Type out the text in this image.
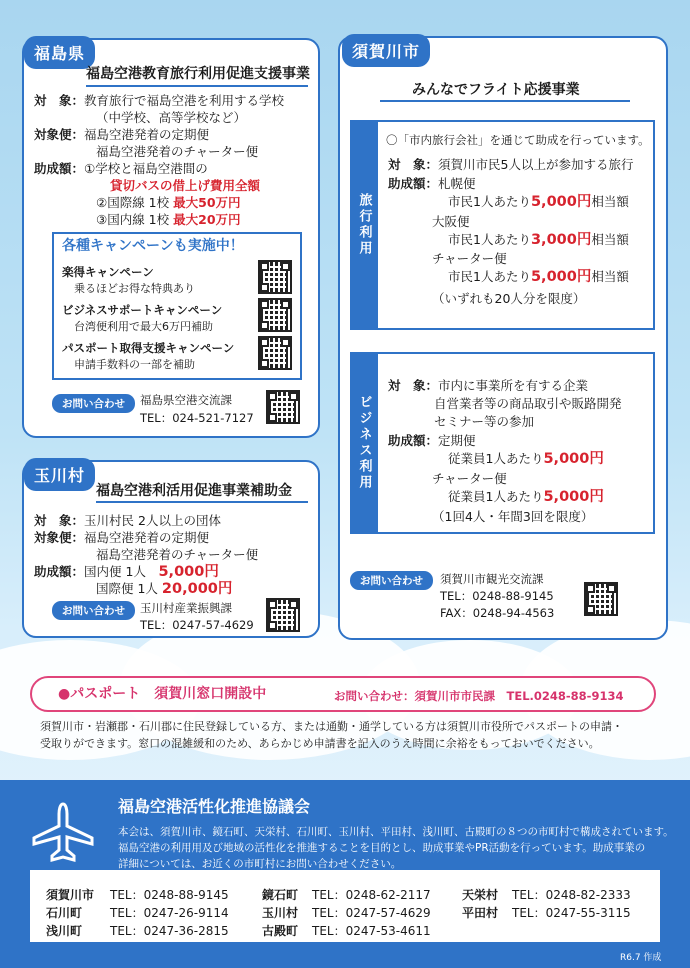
福島県
福島空港教育旅行利用促進支援事業
対　象：教育旅行で福島空港を利用する学校
（中学校、高等学校など）
対象便：福島空港発着の定期便
福島空港発着のチャーター便
助成額：①学校と福島空港間の
貸切バスの借上げ費用全額
②国際線 1校 最大50万円
③国内線 1校 最大20万円
各種キャンペーンも実施中！
楽得キャンペーン
乗るほどお得な特典あり
ビジネスサポートキャンペーン
台湾便利用で最大6万円補助
パスポート取得支援キャンペーン
申請手数料の一部を補助
お問い合わせ	福島県空港交流課
TEL：024-521-7127
玉川村
福島空港利活用促進事業補助金
対　象：玉川村民 2人以上の団体
対象便：福島空港発着の定期便
福島空港発着のチャーター便
助成額：国内便 1人　 5,000円
国際便 1人 20,000円
お問い合わせ	玉川村産業振興課
TEL：0247-57-4629
須賀川市
みんなでフライト応援事業
旅行利用
〇「市内旅行会社」を通じて助成を行っています。
対　象：須賀川市民5人以上が参加する旅行
助成額：札幌便
市民1人あたり5,000円相当額
大阪便
市民1人あたり3,000円相当額
チャーター便
市民1人あたり5,000円相当額
（いずれも20人分を限度）
ビジネス利用
対　象：市内に事業所を有する企業
自営業者等の商品取引や販路開発
セミナー等の参加
助成額：定期便
従業員1人あたり5,000円
チャーター便
従業員1人あたり5,000円
（1回4人・年間3回を限度）
お問い合わせ	須賀川市観光交流課
TEL：0248-88-9145
FAX：0248-94-4563
●パスポート　須賀川窓口開設中	お問い合わせ：須賀川市市民課　TEL.0248-88-9134
須賀川市・岩瀬郡・石川郡に住民登録している方、または通勤・通学している方は須賀川市役所でパスポートの申請・
受取りができます。窓口の混雑緩和のため、あらかじめ申請書を記入のうえ時間に余裕をもっておいでください。
福島空港活性化推進協議会
本会は、須賀川市、鏡石町、天栄村、石川町、玉川村、平田村、浅川町、古殿町の８つの市町村で構成されています。
福島空港の利用用及び地域の活性化を推進することを目的とし、助成事業やPR活動を行っています。助成事業の
詳細については、お近くの市町村にお問い合わせください。
須賀川市 TEL：0248-88-9145
石川町 TEL：0247-26-9114
浅川町 TEL：0247-36-2815
鏡石町 TEL：0248-62-2117
玉川村 TEL：0247-57-4629
古殿町 TEL：0247-53-4611
天栄村 TEL：0248-82-2333
平田村 TEL：0247-55-3115
R6.7 作成
